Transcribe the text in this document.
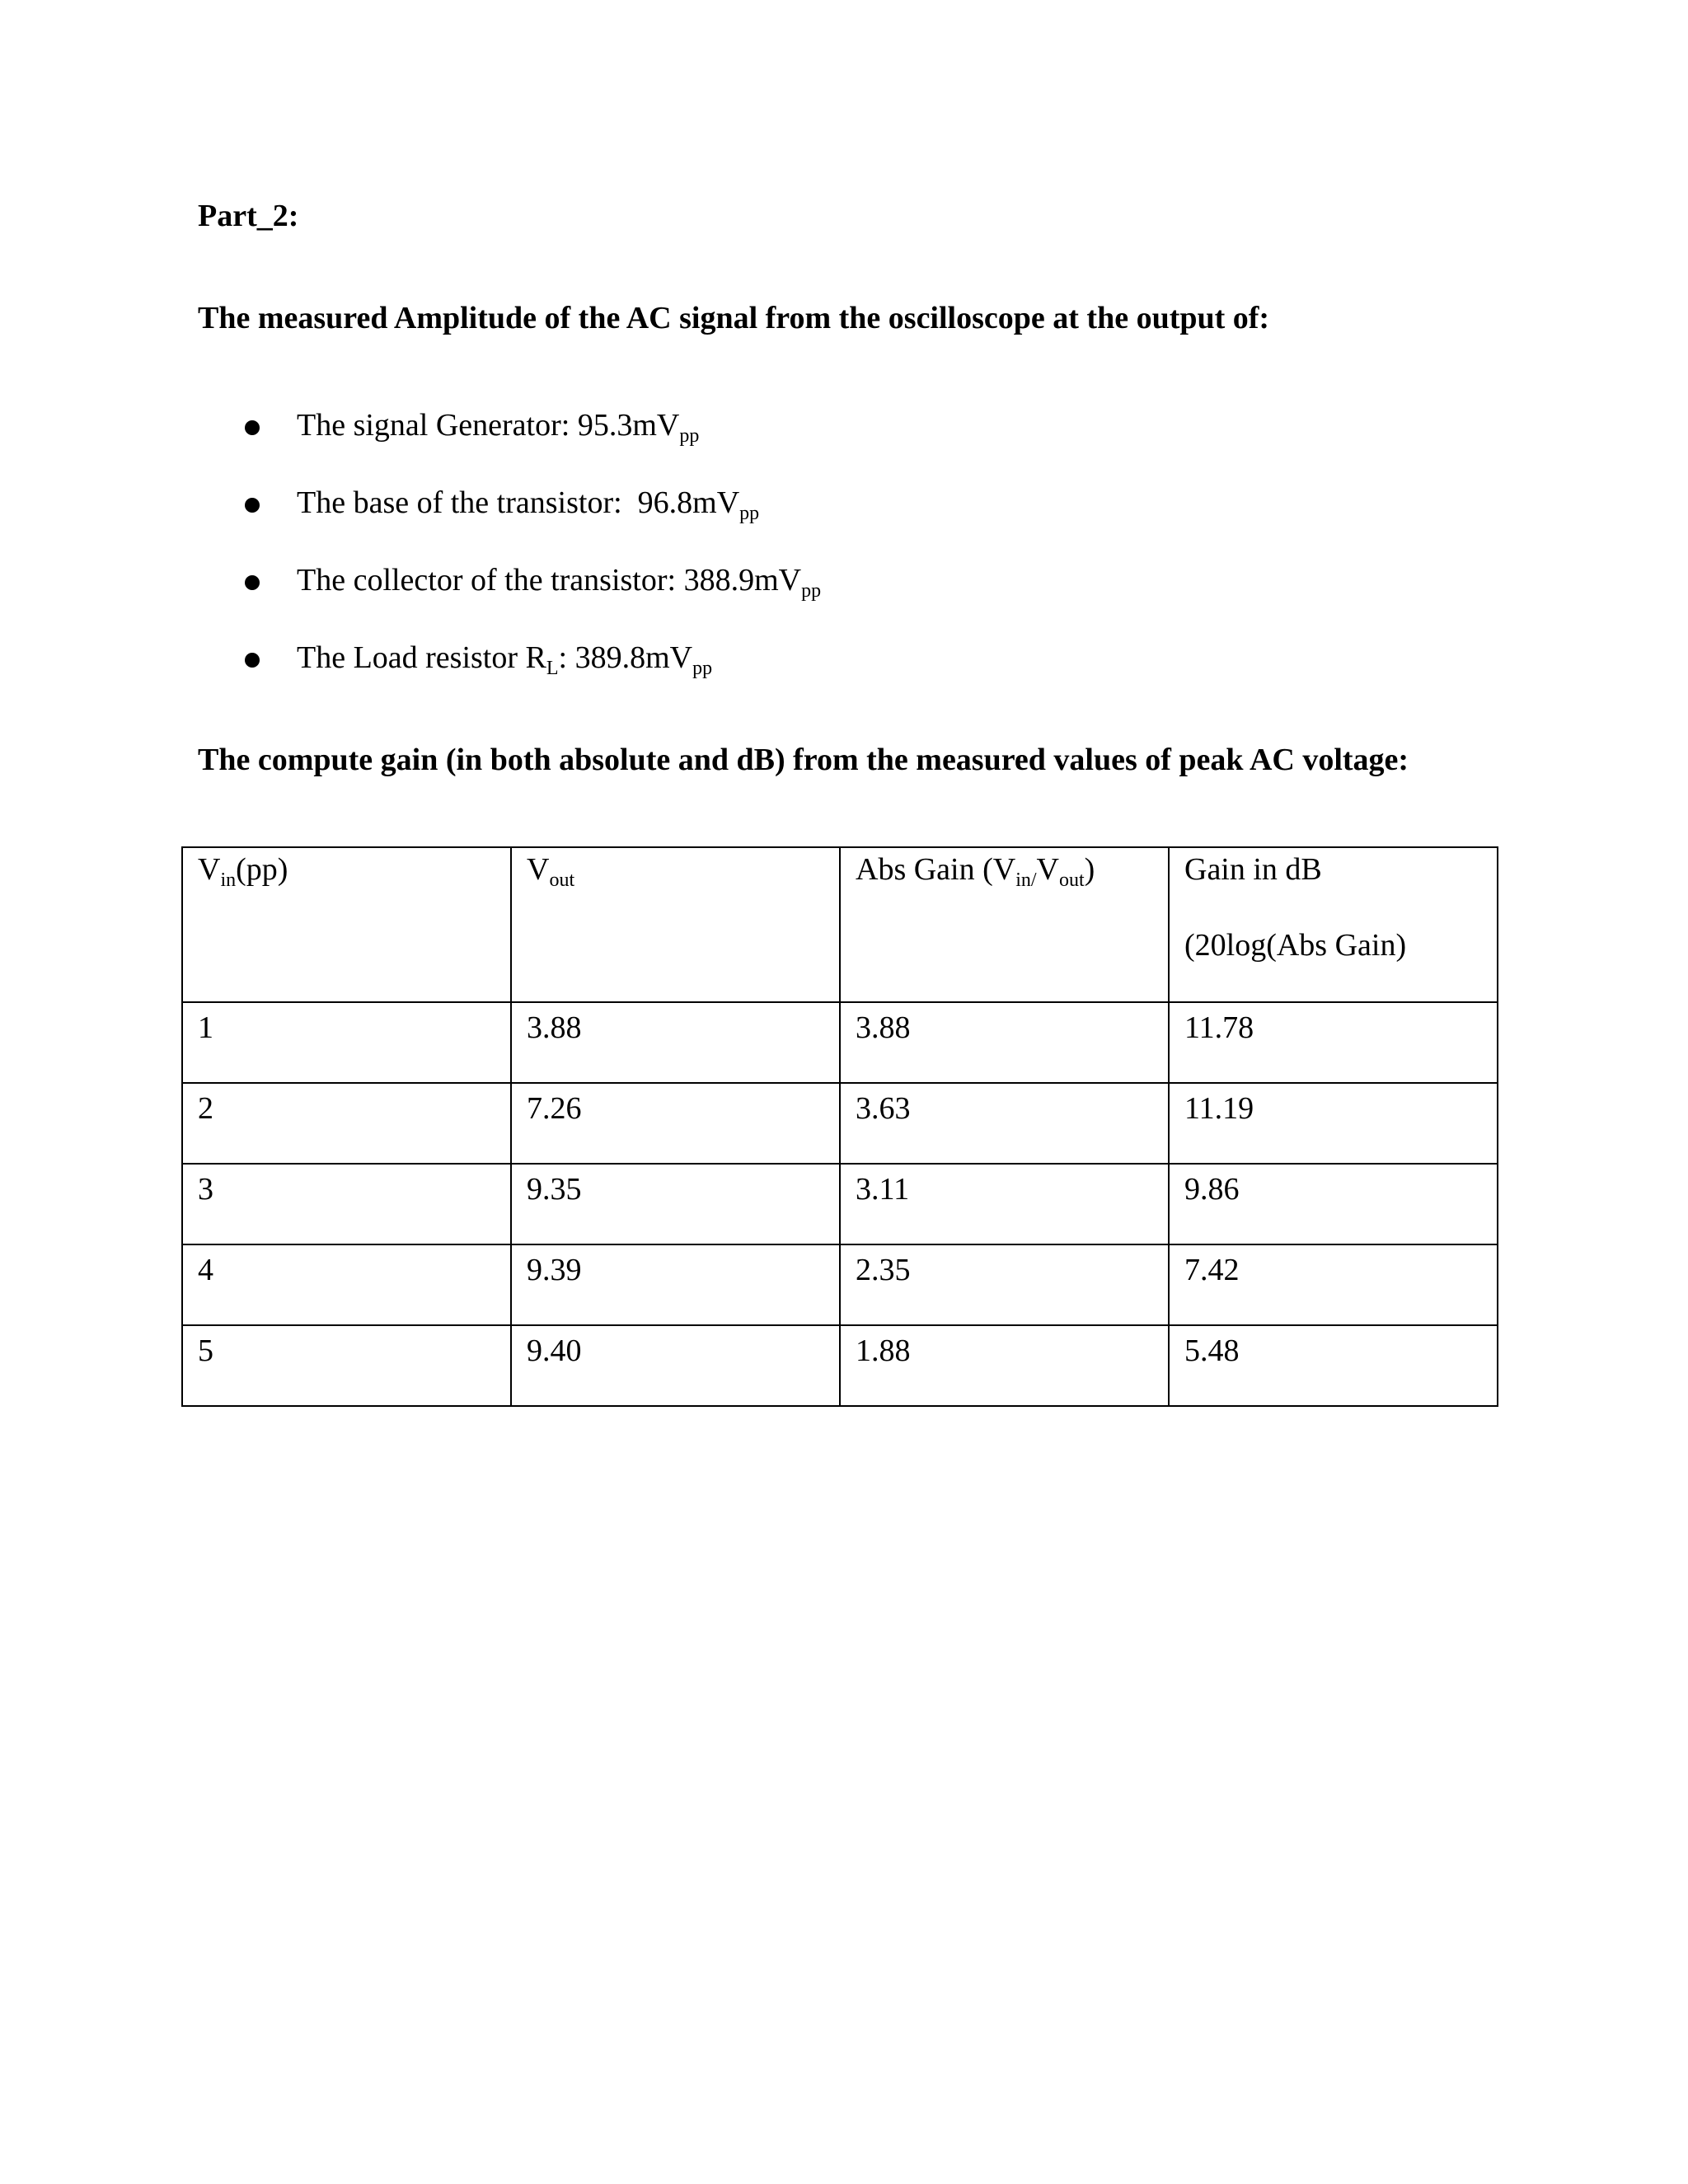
Part_2:
The measured Amplitude of the AC signal from the oscilloscope at the output of:
The signal Generator: $95.3mV_{pp}$
The base of the transistor:  $96.8mV_{pp}$
The collector of the transistor: $388.9mV_{pp}$
The Load resistor $R_L$: $389.8mV_{pp}$
The compute gain (in both absolute and dB) from the measured values of peak AC voltage:
$V_{in}(pp)$	$V_{out}$	Abs Gain $(V_{in/}V_{out})$	Gain in dB
(20log(Abs Gain)

1	3.88	3.88	11.78
2	7.26	3.63	11.19
3	9.35	3.11	9.86
4	9.39	2.35	7.42
5	9.40	1.88	5.48
